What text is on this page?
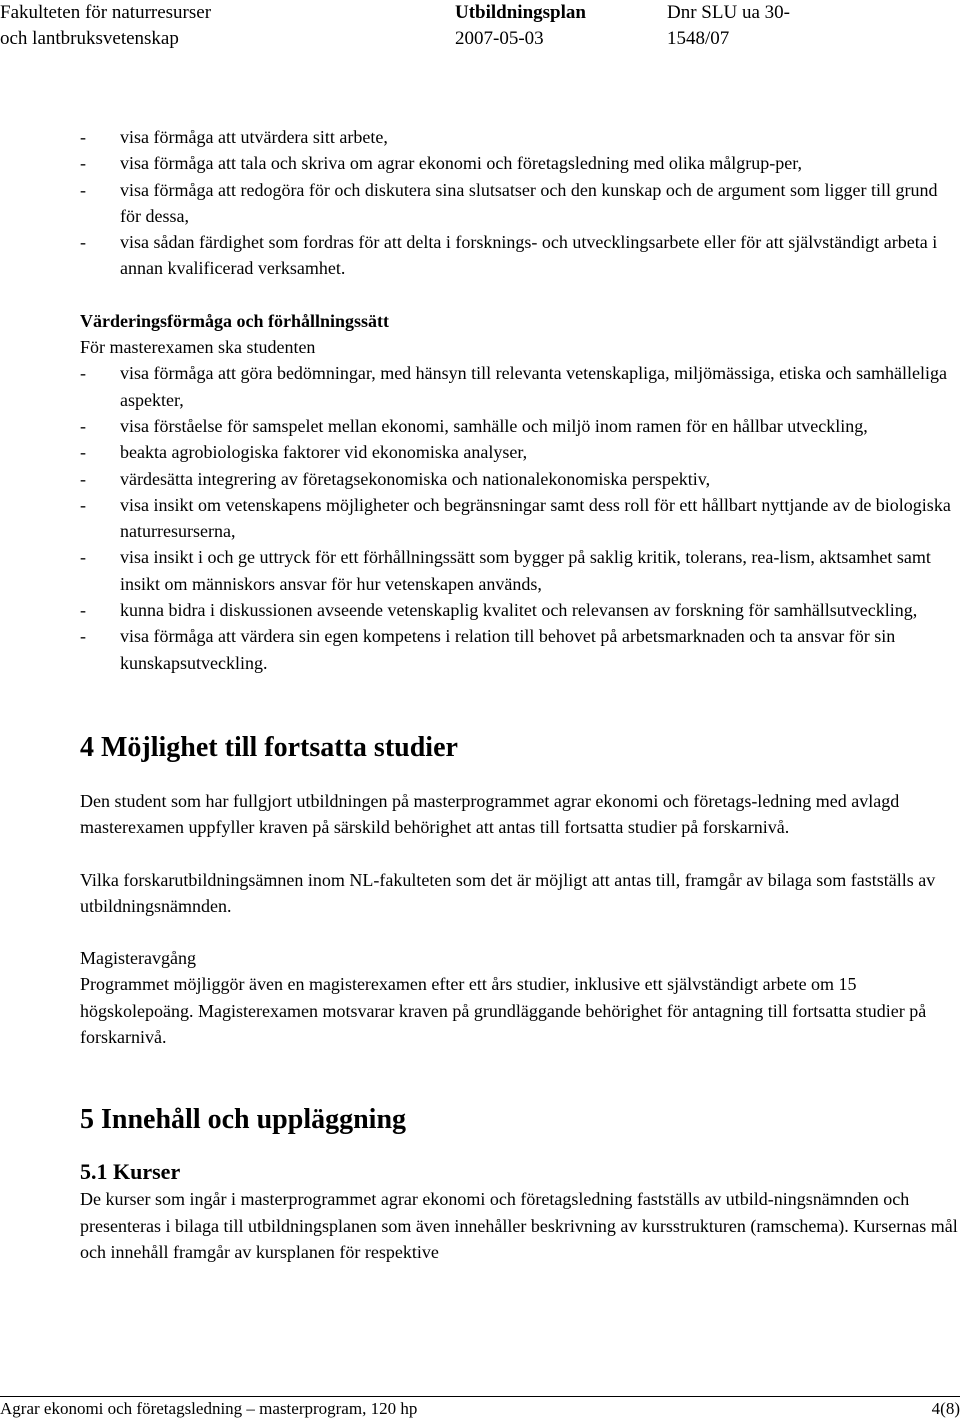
Fakulteten för naturresurser
och lantbruksvetenskap
Utbildningsplan
2007-05-03
Dnr SLU ua 30-
1548/07
- visa förmåga att utvärdera sitt arbete,
- visa förmåga att tala och skriva om agrar ekonomi och företagsledning med olika målgrup-per,
- visa förmåga att redogöra för och diskutera sina slutsatser och den kunskap och de argument som ligger till grund för dessa,
- visa sådan färdighet som fordras för att delta i forsknings- och utvecklingsarbete eller för att självständigt arbeta i annan kvalificerad verksamhet.
Värderingsförmåga och förhållningssätt

För masterexamen ska studenten

- visa förmåga att göra bedömningar, med hänsyn till relevanta vetenskapliga, miljömässiga, etiska och samhälleliga aspekter,
- visa förståelse för samspelet mellan ekonomi, samhälle och miljö inom ramen för en hållbar utveckling,
- beakta agrobiologiska faktorer vid ekonomiska analyser,
- värdesätta integrering av företagsekonomiska och nationalekonomiska perspektiv,
- visa insikt om vetenskapens möjligheter och begränsningar samt dess roll för ett hållbart nyttjande av de biologiska naturresurserna,
- visa insikt i och ge uttryck för ett förhållningssätt som bygger på saklig kritik, tolerans, rea-lism, aktsamhet samt insikt om människors ansvar för hur vetenskapen används,
- kunna bidra i diskussionen avseende vetenskaplig kvalitet och relevansen av forskning för samhällsutveckling,
- visa förmåga att värdera sin egen kompetens i relation till behovet på arbetsmarknaden och ta ansvar för sin kunskapsutveckling.
4 Möjlighet till fortsatta studier

Den student som har fullgjort utbildningen på masterprogrammet agrar ekonomi och företags-ledning med avlagd masterexamen uppfyller kraven på särskild behörighet att antas till fortsatta studier på forskarnivå.

Vilka forskarutbildningsämnen inom NL-fakulteten som det är möjligt att antas till, framgår av bilaga som fastställs av utbildningsnämnden.

Magisteravgång

Programmet möjliggör även en magisterexamen efter ett års studier, inklusive ett självständigt arbete om 15 högskolepoäng. Magisterexamen motsvarar kraven på grundläggande behörighet för antagning till fortsatta studier på forskarnivå.

5 Innehåll och uppläggning
5.1 Kurser

De kurser som ingår i masterprogrammet agrar ekonomi och företagsledning fastställs av utbild-ningsnämnden och presenteras i bilaga till utbildningsplanen som även innehåller beskrivning av kursstrukturen (ramschema). Kursernas mål och innehåll framgår av kursplanen för respektive

Agrar ekonomi och företagsledning – masterprogram, 120 hp	4(8)
